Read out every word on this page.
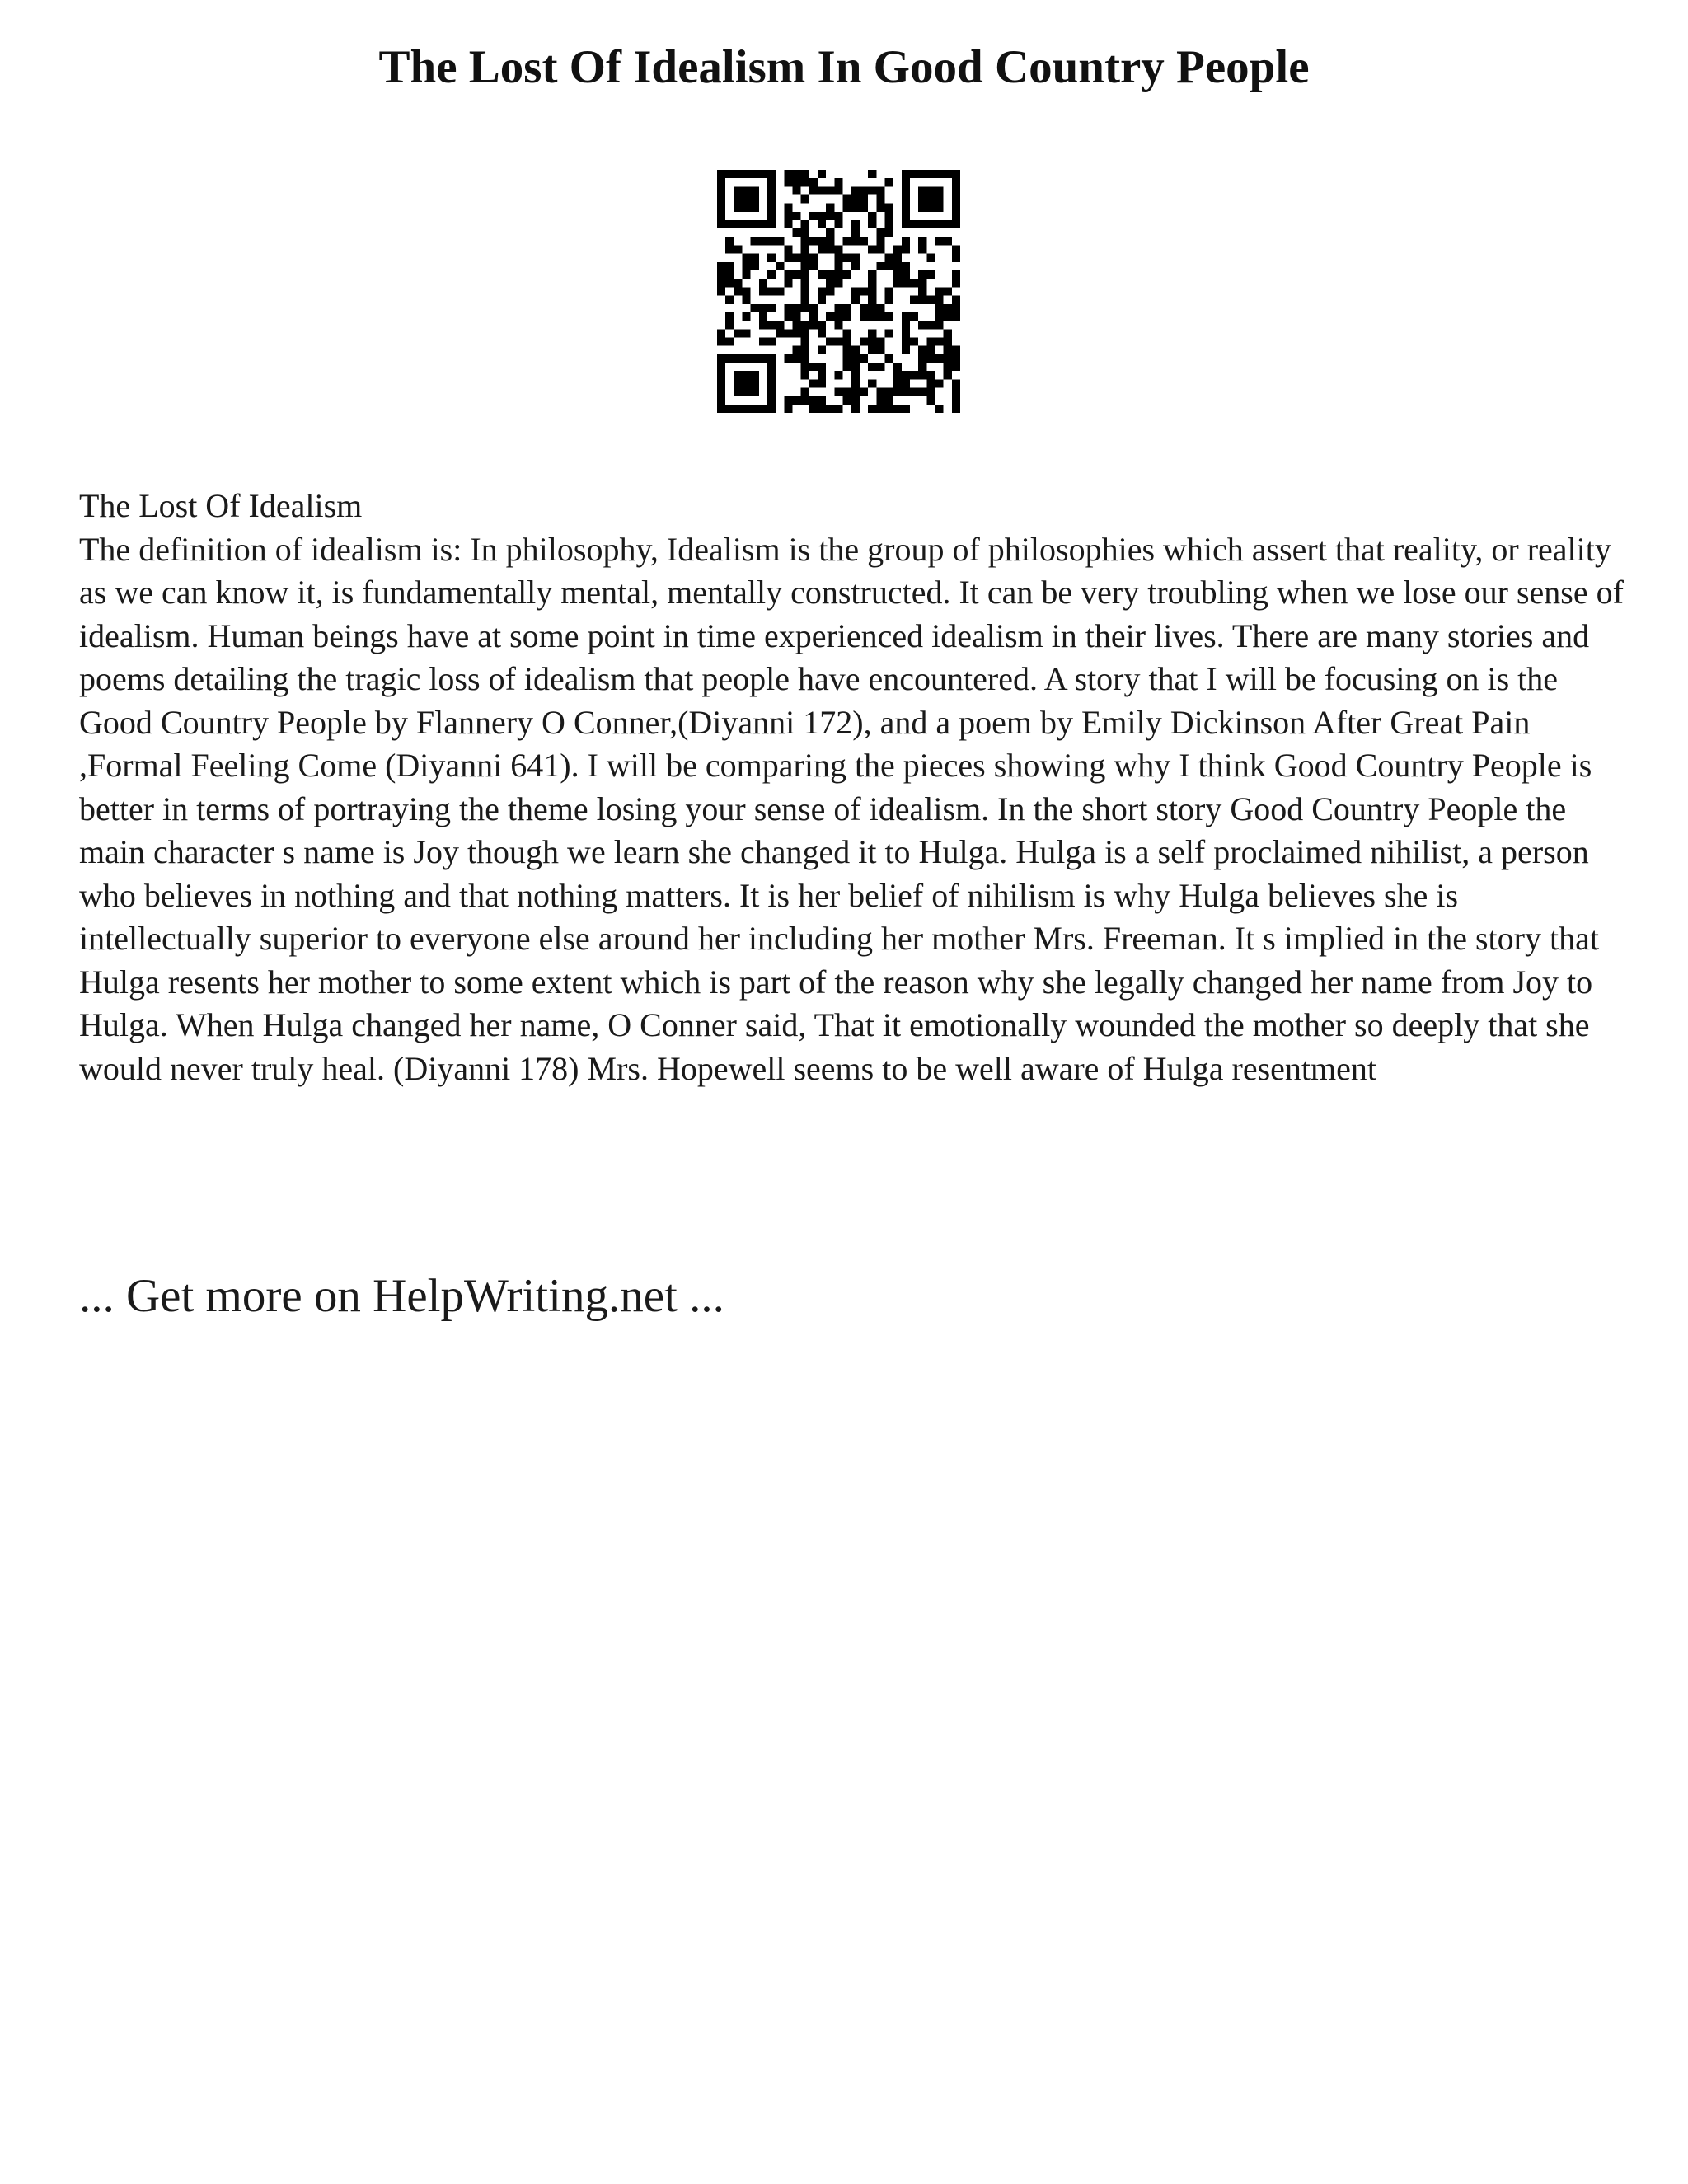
The Lost Of Idealism In Good Country People

The Lost Of Idealism

The definition of idealism is: In philosophy, Idealism is the group of philosophies which assert that reality, or reality as we can know it, is fundamentally mental, mentally constructed. It can be very troubling when we lose our sense of idealism. Human beings have at some point in time experienced idealism in their lives. There are many stories and poems detailing the tragic loss of idealism that people have encountered. A story that I will be focusing on is the Good Country People by Flannery O Conner,(Diyanni 172), and a poem by Emily Dickinson After Great Pain ,Formal Feeling Come (Diyanni 641). I will be comparing the pieces showing why I think Good Country People is better in terms of portraying the theme losing your sense of idealism. In the short story Good Country People the main character s name is Joy though we learn she changed it to Hulga. Hulga is a self proclaimed nihilist, a person who believes in nothing and that nothing matters. It is her belief of nihilism is why Hulga believes she is intellectually superior to everyone else around her including her mother Mrs. Freeman. It s implied in the story that Hulga resents her mother to some extent which is part of the reason why she legally changed her name from Joy to Hulga. When Hulga changed her name, O Conner said, That it emotionally wounded the mother so deeply that she would never truly heal. (Diyanni 178) Mrs. Hopewell seems to be well aware of Hulga resentment

... Get more on HelpWriting.net ...
